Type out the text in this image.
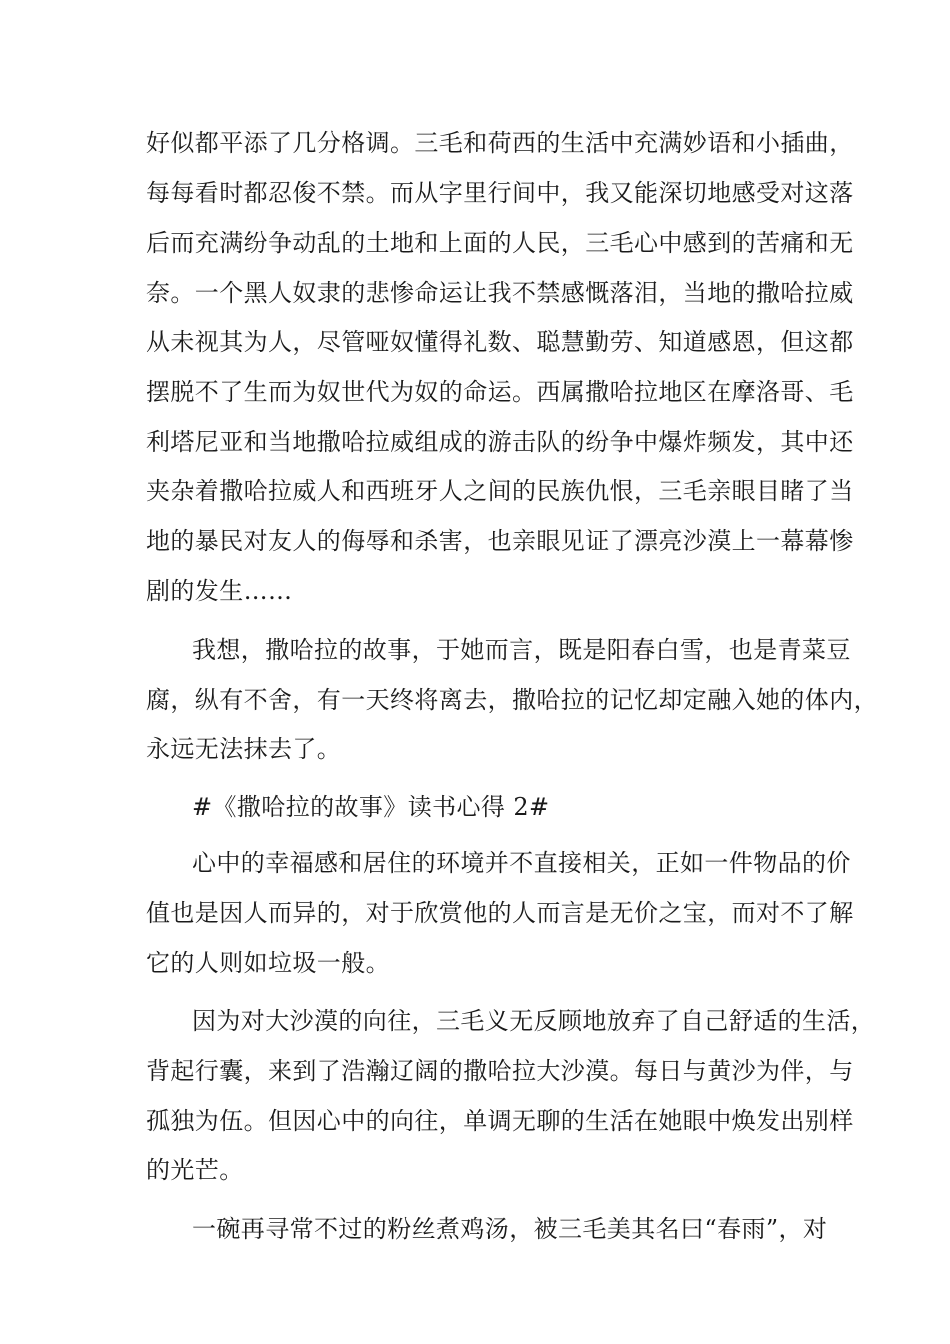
好似都平添了几分格调。三毛和荷西的生活中充满妙语和小插曲，
每每看时都忍俊不禁。而从字里行间中，我又能深切地感受对这落
后而充满纷争动乱的土地和上面的人民，三毛心中感到的苦痛和无
奈。一个黑人奴隶的悲惨命运让我不禁感慨落泪，当地的撒哈拉威
从未视其为人，尽管哑奴懂得礼数、聪慧勤劳、知道感恩，但这都
摆脱不了生而为奴世代为奴的命运。西属撒哈拉地区在摩洛哥、毛
利塔尼亚和当地撒哈拉威组成的游击队的纷争中爆炸频发，其中还
夹杂着撒哈拉威人和西班牙人之间的民族仇恨，三毛亲眼目睹了当
地的暴民对友人的侮辱和杀害，也亲眼见证了漂亮沙漠上一幕幕惨
剧的发生……
我想，撒哈拉的故事，于她而言，既是阳春白雪，也是青菜豆
腐，纵有不舍，有一天终将离去，撒哈拉的记忆却定融入她的体内，
永远无法抹去了。
#《撒哈拉的故事》读书心得 2#
心中的幸福感和居住的环境并不直接相关，正如一件物品的价
值也是因人而异的，对于欣赏他的人而言是无价之宝，而对不了解
它的人则如垃圾一般。
因为对大沙漠的向往，三毛义无反顾地放弃了自己舒适的生活，
背起行囊，来到了浩瀚辽阔的撒哈拉大沙漠。每日与黄沙为伴，与
孤独为伍。但因心中的向往，单调无聊的生活在她眼中焕发出别样
的光芒。
一碗再寻常不过的粉丝煮鸡汤，被三毛美其名曰“春雨”，对
